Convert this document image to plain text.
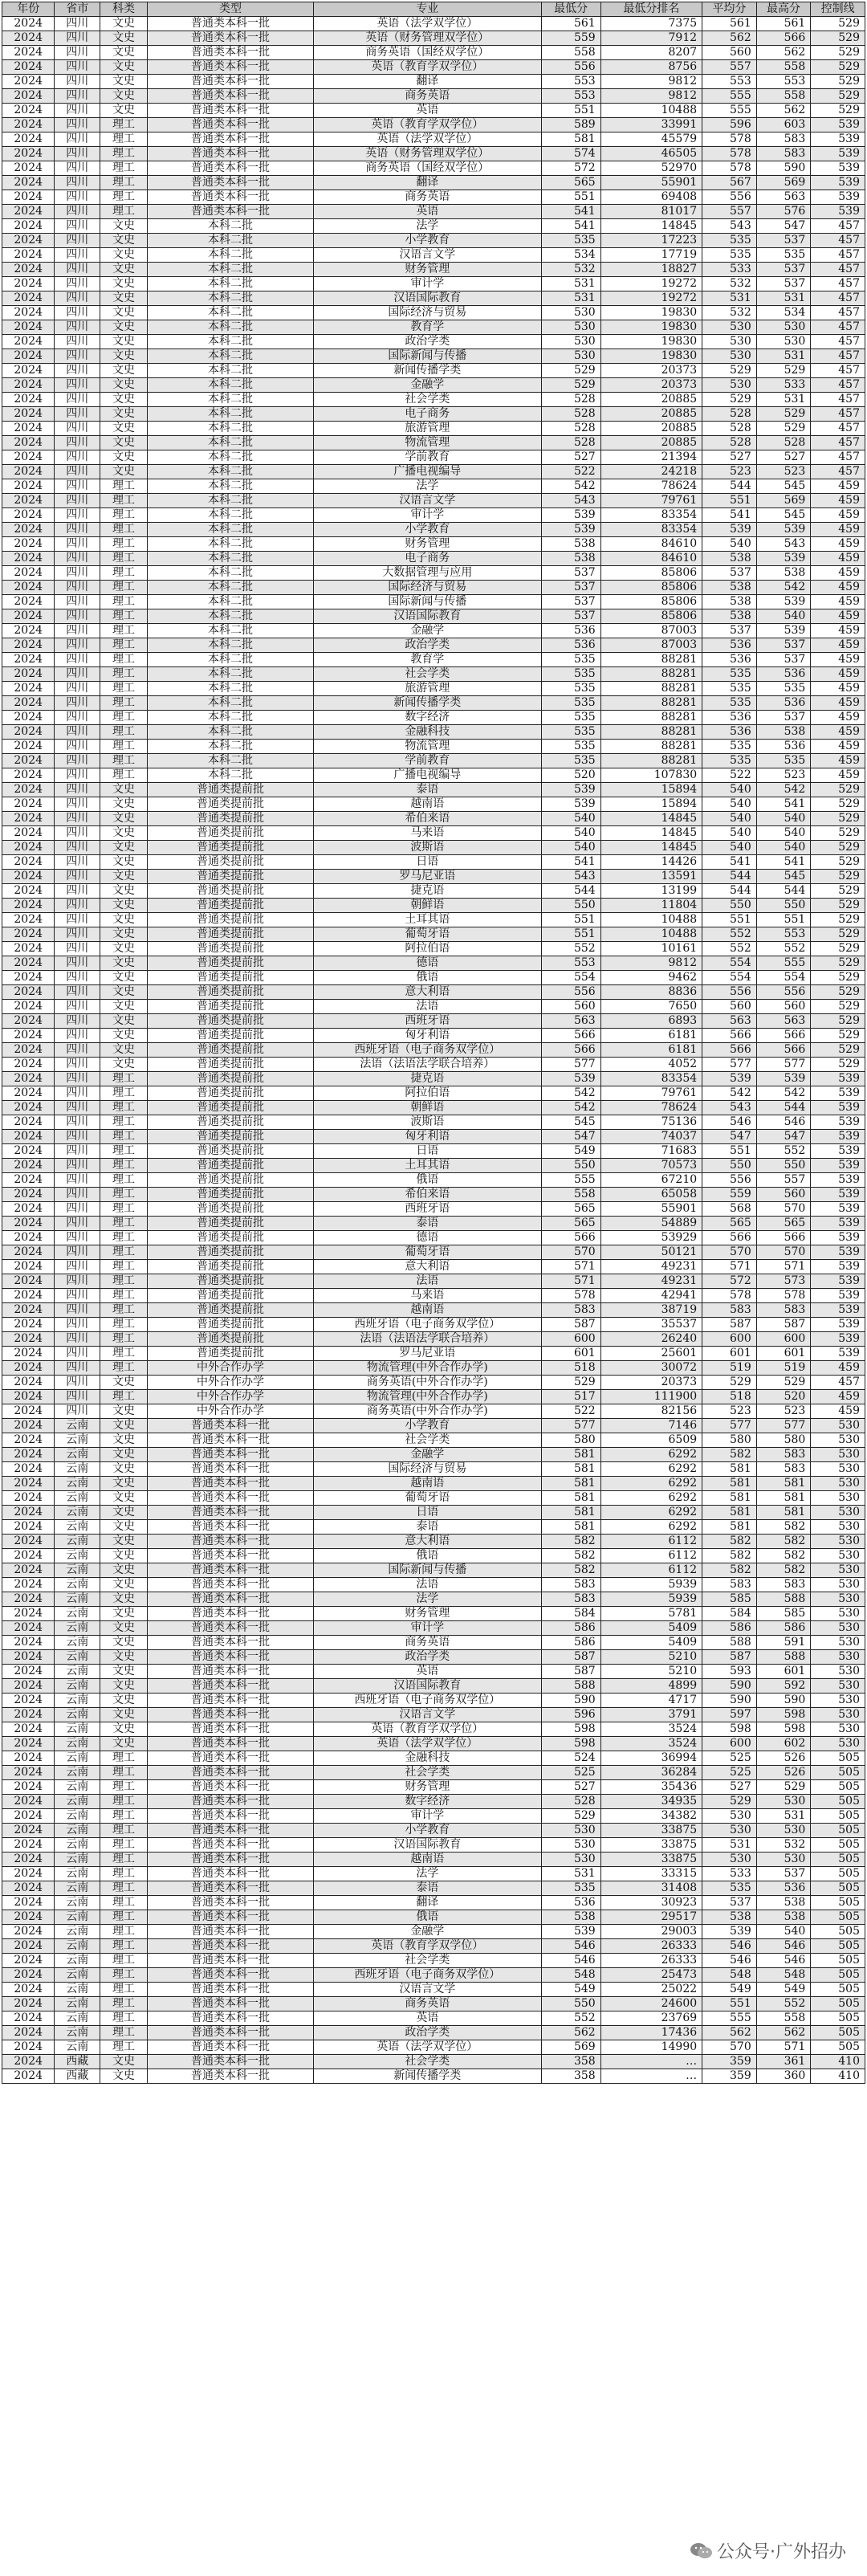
年份	省市	科类	类型	专业	最低分	最低分排名	平均分	最高分	控制线
2024	四川	文史	普通类本科一批	英语（法学双学位）	561	7375	561	561	529
2024	四川	文史	普通类本科一批	英语（财务管理双学位）	559	7912	562	566	529
2024	四川	文史	普通类本科一批	商务英语（国经双学位）	558	8207	560	562	529
2024	四川	文史	普通类本科一批	英语（教育学双学位）	556	8756	557	558	529
2024	四川	文史	普通类本科一批	翻译	553	9812	553	553	529
2024	四川	文史	普通类本科一批	商务英语	553	9812	555	558	529
2024	四川	文史	普通类本科一批	英语	551	10488	555	562	529
2024	四川	理工	普通类本科一批	英语（教育学双学位）	589	33991	596	603	539
2024	四川	理工	普通类本科一批	英语（法学双学位）	581	45579	578	583	539
2024	四川	理工	普通类本科一批	英语（财务管理双学位）	574	46505	578	583	539
2024	四川	理工	普通类本科一批	商务英语（国经双学位）	572	52970	578	590	539
2024	四川	理工	普通类本科一批	翻译	565	55901	567	569	539
2024	四川	理工	普通类本科一批	商务英语	551	69408	556	563	539
2024	四川	理工	普通类本科一批	英语	541	81017	557	576	539
2024	四川	文史	本科二批	法学	541	14845	543	547	457
2024	四川	文史	本科二批	小学教育	535	17223	535	537	457
2024	四川	文史	本科二批	汉语言文学	534	17719	535	535	457
2024	四川	文史	本科二批	财务管理	532	18827	533	537	457
2024	四川	文史	本科二批	审计学	531	19272	532	537	457
2024	四川	文史	本科二批	汉语国际教育	531	19272	531	531	457
2024	四川	文史	本科二批	国际经济与贸易	530	19830	532	534	457
2024	四川	文史	本科二批	教育学	530	19830	530	530	457
2024	四川	文史	本科二批	政治学类	530	19830	530	530	457
2024	四川	文史	本科二批	国际新闻与传播	530	19830	530	531	457
2024	四川	文史	本科二批	新闻传播学类	529	20373	529	529	457
2024	四川	文史	本科二批	金融学	529	20373	530	533	457
2024	四川	文史	本科二批	社会学类	528	20885	529	531	457
2024	四川	文史	本科二批	电子商务	528	20885	528	529	457
2024	四川	文史	本科二批	旅游管理	528	20885	528	529	457
2024	四川	文史	本科二批	物流管理	528	20885	528	528	457
2024	四川	文史	本科二批	学前教育	527	21394	527	527	457
2024	四川	文史	本科二批	广播电视编导	522	24218	523	523	457
2024	四川	理工	本科二批	法学	542	78624	544	545	459
2024	四川	理工	本科二批	汉语言文学	543	79761	551	569	459
2024	四川	理工	本科二批	审计学	539	83354	541	545	459
2024	四川	理工	本科二批	小学教育	539	83354	539	539	459
2024	四川	理工	本科二批	财务管理	538	84610	540	543	459
2024	四川	理工	本科二批	电子商务	538	84610	538	539	459
2024	四川	理工	本科二批	大数据管理与应用	537	85806	537	538	459
2024	四川	理工	本科二批	国际经济与贸易	537	85806	538	542	459
2024	四川	理工	本科二批	国际新闻与传播	537	85806	538	539	459
2024	四川	理工	本科二批	汉语国际教育	537	85806	538	540	459
2024	四川	理工	本科二批	金融学	536	87003	537	539	459
2024	四川	理工	本科二批	政治学类	536	87003	536	537	459
2024	四川	理工	本科二批	教育学	535	88281	536	537	459
2024	四川	理工	本科二批	社会学类	535	88281	535	536	459
2024	四川	理工	本科二批	旅游管理	535	88281	535	535	459
2024	四川	理工	本科二批	新闻传播学类	535	88281	535	536	459
2024	四川	理工	本科二批	数字经济	535	88281	536	537	459
2024	四川	理工	本科二批	金融科技	535	88281	536	538	459
2024	四川	理工	本科二批	物流管理	535	88281	535	536	459
2024	四川	理工	本科二批	学前教育	535	88281	535	535	459
2024	四川	理工	本科二批	广播电视编导	520	107830	522	523	459
2024	四川	文史	普通类提前批	泰语	539	15894	540	542	529
2024	四川	文史	普通类提前批	越南语	539	15894	540	541	529
2024	四川	文史	普通类提前批	希伯来语	540	14845	540	540	529
2024	四川	文史	普通类提前批	马来语	540	14845	540	540	529
2024	四川	文史	普通类提前批	波斯语	540	14845	540	540	529
2024	四川	文史	普通类提前批	日语	541	14426	541	541	529
2024	四川	文史	普通类提前批	罗马尼亚语	543	13591	544	545	529
2024	四川	文史	普通类提前批	捷克语	544	13199	544	544	529
2024	四川	文史	普通类提前批	朝鲜语	550	11804	550	550	529
2024	四川	文史	普通类提前批	土耳其语	551	10488	551	551	529
2024	四川	文史	普通类提前批	葡萄牙语	551	10488	552	553	529
2024	四川	文史	普通类提前批	阿拉伯语	552	10161	552	552	529
2024	四川	文史	普通类提前批	德语	553	9812	554	555	529
2024	四川	文史	普通类提前批	俄语	554	9462	554	554	529
2024	四川	文史	普通类提前批	意大利语	556	8836	556	556	529
2024	四川	文史	普通类提前批	法语	560	7650	560	560	529
2024	四川	文史	普通类提前批	西班牙语	563	6893	563	563	529
2024	四川	文史	普通类提前批	匈牙利语	566	6181	566	566	529
2024	四川	文史	普通类提前批	西班牙语（电子商务双学位）	566	6181	566	566	529
2024	四川	文史	普通类提前批	法语（法语法学联合培养）	577	4052	577	577	529
2024	四川	理工	普通类提前批	捷克语	539	83354	539	539	539
2024	四川	理工	普通类提前批	阿拉伯语	542	79761	542	542	539
2024	四川	理工	普通类提前批	朝鲜语	542	78624	543	544	539
2024	四川	理工	普通类提前批	波斯语	545	75136	546	546	539
2024	四川	理工	普通类提前批	匈牙利语	547	74037	547	547	539
2024	四川	理工	普通类提前批	日语	549	71683	551	552	539
2024	四川	理工	普通类提前批	土耳其语	550	70573	550	550	539
2024	四川	理工	普通类提前批	俄语	555	67210	556	557	539
2024	四川	理工	普通类提前批	希伯来语	558	65058	559	560	539
2024	四川	理工	普通类提前批	西班牙语	565	55901	568	570	539
2024	四川	理工	普通类提前批	泰语	565	54889	565	565	539
2024	四川	理工	普通类提前批	德语	566	53929	566	566	539
2024	四川	理工	普通类提前批	葡萄牙语	570	50121	570	570	539
2024	四川	理工	普通类提前批	意大利语	571	49231	571	571	539
2024	四川	理工	普通类提前批	法语	571	49231	572	573	539
2024	四川	理工	普通类提前批	马来语	578	42941	578	578	539
2024	四川	理工	普通类提前批	越南语	583	38719	583	583	539
2024	四川	理工	普通类提前批	西班牙语（电子商务双学位）	587	35537	587	587	539
2024	四川	理工	普通类提前批	法语（法语法学联合培养）	600	26240	600	600	539
2024	四川	理工	普通类提前批	罗马尼亚语	601	25601	601	601	539
2024	四川	理工	中外合作办学	物流管理(中外合作办学)	518	30072	519	519	459
2024	四川	文史	中外合作办学	商务英语(中外合作办学)	529	20373	529	529	457
2024	四川	理工	中外合作办学	物流管理(中外合作办学)	517	111900	518	520	459
2024	四川	文史	中外合作办学	商务英语(中外合作办学)	522	82156	523	523	459
2024	云南	文史	普通类本科一批	小学教育	577	7146	577	577	530
2024	云南	文史	普通类本科一批	社会学类	580	6509	580	580	530
2024	云南	文史	普通类本科一批	金融学	581	6292	582	583	530
2024	云南	文史	普通类本科一批	国际经济与贸易	581	6292	581	583	530
2024	云南	文史	普通类本科一批	越南语	581	6292	581	581	530
2024	云南	文史	普通类本科一批	葡萄牙语	581	6292	581	581	530
2024	云南	文史	普通类本科一批	日语	581	6292	581	581	530
2024	云南	文史	普通类本科一批	泰语	581	6292	581	582	530
2024	云南	文史	普通类本科一批	意大利语	582	6112	582	582	530
2024	云南	文史	普通类本科一批	俄语	582	6112	582	582	530
2024	云南	文史	普通类本科一批	国际新闻与传播	582	6112	582	582	530
2024	云南	文史	普通类本科一批	法语	583	5939	583	583	530
2024	云南	文史	普通类本科一批	法学	583	5939	585	588	530
2024	云南	文史	普通类本科一批	财务管理	584	5781	584	585	530
2024	云南	文史	普通类本科一批	审计学	586	5409	586	586	530
2024	云南	文史	普通类本科一批	商务英语	586	5409	588	591	530
2024	云南	文史	普通类本科一批	政治学类	587	5210	587	588	530
2024	云南	文史	普通类本科一批	英语	587	5210	593	601	530
2024	云南	文史	普通类本科一批	汉语国际教育	588	4899	590	592	530
2024	云南	文史	普通类本科一批	西班牙语（电子商务双学位）	590	4717	590	590	530
2024	云南	文史	普通类本科一批	汉语言文学	596	3791	597	598	530
2024	云南	文史	普通类本科一批	英语（教育学双学位）	598	3524	598	598	530
2024	云南	文史	普通类本科一批	英语（法学双学位）	598	3524	600	602	530
2024	云南	理工	普通类本科一批	金融科技	524	36994	525	526	505
2024	云南	理工	普通类本科一批	社会学类	525	36284	525	526	505
2024	云南	理工	普通类本科一批	财务管理	527	35436	527	529	505
2024	云南	理工	普通类本科一批	数字经济	528	34935	529	530	505
2024	云南	理工	普通类本科一批	审计学	529	34382	530	531	505
2024	云南	理工	普通类本科一批	小学教育	530	33875	530	530	505
2024	云南	理工	普通类本科一批	汉语国际教育	530	33875	531	532	505
2024	云南	理工	普通类本科一批	越南语	530	33875	530	530	505
2024	云南	理工	普通类本科一批	法学	531	33315	533	537	505
2024	云南	理工	普通类本科一批	泰语	535	31408	535	536	505
2024	云南	理工	普通类本科一批	翻译	536	30923	537	538	505
2024	云南	理工	普通类本科一批	俄语	538	29517	538	538	505
2024	云南	理工	普通类本科一批	金融学	539	29003	539	540	505
2024	云南	理工	普通类本科一批	英语（教育学双学位）	546	26333	546	546	505
2024	云南	理工	普通类本科一批	社会学类	546	26333	546	546	505
2024	云南	理工	普通类本科一批	西班牙语（电子商务双学位）	548	25473	548	548	505
2024	云南	理工	普通类本科一批	汉语言文学	549	25022	549	549	505
2024	云南	理工	普通类本科一批	商务英语	550	24600	551	552	505
2024	云南	理工	普通类本科一批	英语	552	23769	555	558	505
2024	云南	理工	普通类本科一批	政治学类	562	17436	562	562	505
2024	云南	理工	普通类本科一批	英语（法学双学位）	569	14990	570	571	505
2024	西藏	文史	普通类本科一批	社会学类	358	…	359	361	410
2024	西藏	文史	普通类本科一批	新闻传播学类	358	…	359	360	410
公众号·广外招办
